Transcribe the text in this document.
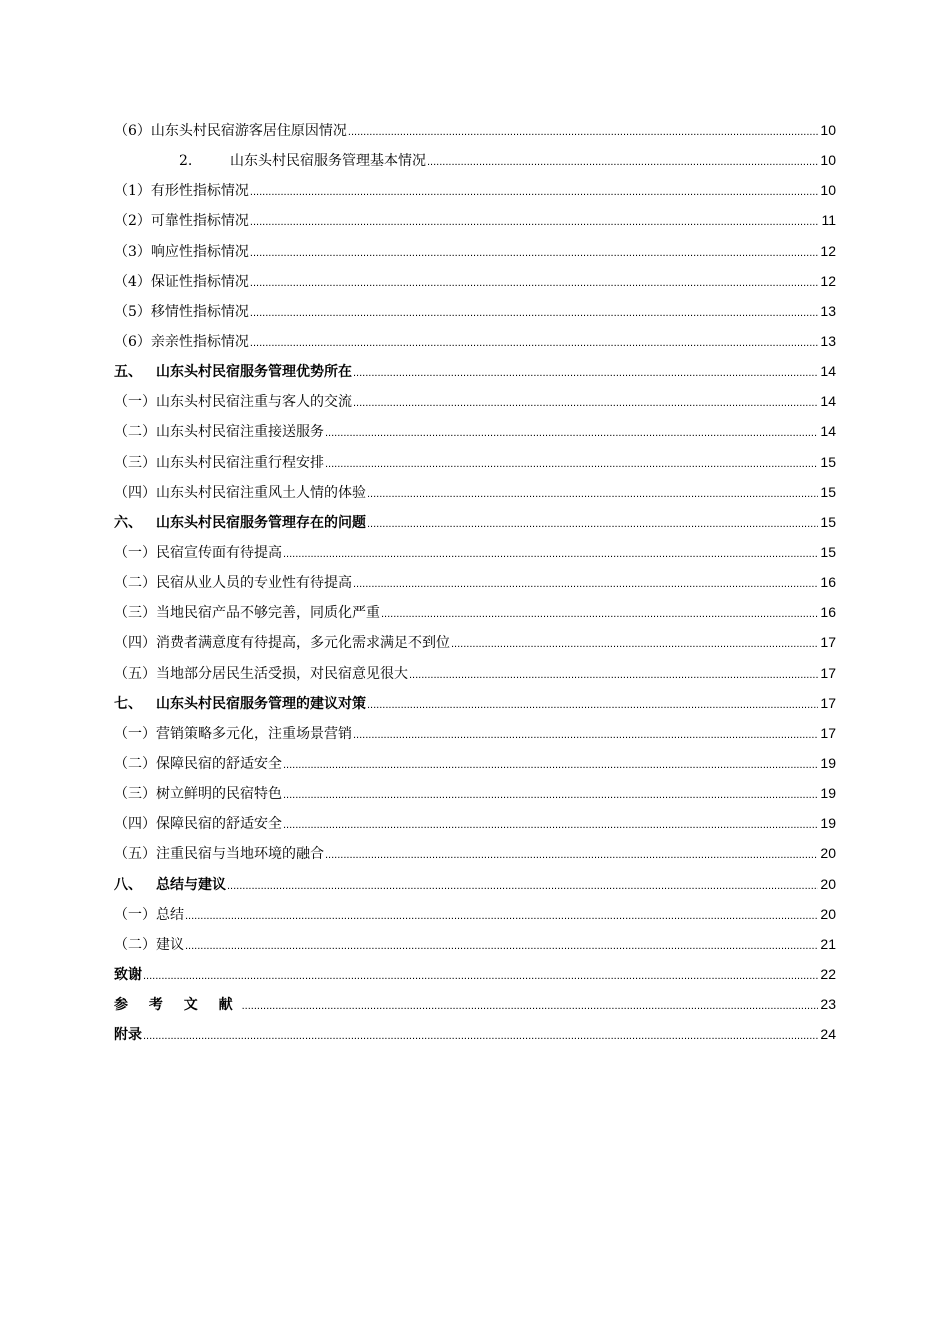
（6）山东头村民宿游客居住原因情况 .....	10
2.	山东头村民宿服务管理基本情况 .....	10
（1）有形性指标情况 .....	10
（2）可靠性指标情况 .....	11
（3）响应性指标情况 .....	12
（4）保证性指标情况 .....	12
（5）移情性指标情况 .....	13
（6）亲亲性指标情况 .....	13
五、	山东头村民宿服务管理优势所在 .....	14
（一）山东头村民宿注重与客人的交流 .....	14
（二）山东头村民宿注重接送服务 .....	14
（三）山东头村民宿注重行程安排 .....	15
（四）山东头村民宿注重风土人情的体验 .....	15
六、	山东头村民宿服务管理存在的问题 .....	15
（一）民宿宣传面有待提高 .....	15
（二）民宿从业人员的专业性有待提高 .....	16
（三）当地民宿产品不够完善，同质化严重 .....	16
（四）消费者满意度有待提高，多元化需求满足不到位 .....	17
（五）当地部分居民生活受损，对民宿意见很大 .....	17
七、	山东头村民宿服务管理的建议对策 .....	17
（一）营销策略多元化，注重场景营销 .....	17
（二）保障民宿的舒适安全 .....	19
（三）树立鲜明的民宿特色 .....	19
（四）保障民宿的舒适安全 .....	19
（五）注重民宿与当地环境的融合 .....	20
八、	总结与建议 .....	20
（一）总结 .....	20
（二）建议 .....	21
致谢 .....	22
参 考 文 献 .....	23
附录 .....	24
